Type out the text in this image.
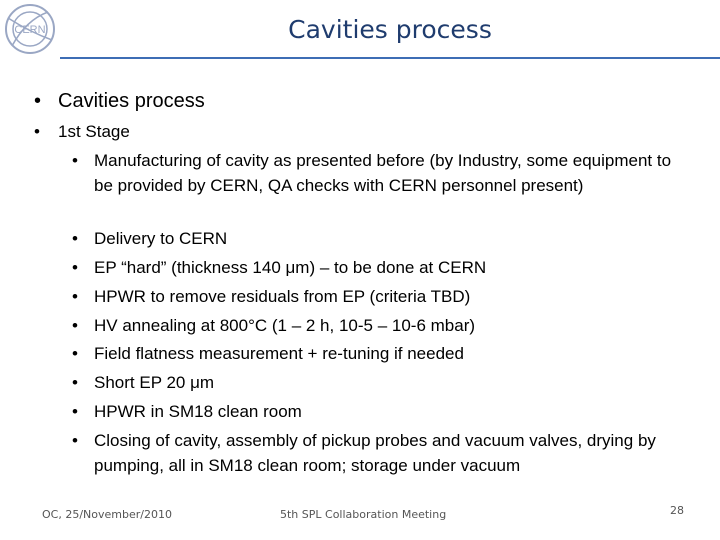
CERN	Cavities process
• Cavities process
• 1st Stage
• Manufacturing of cavity as presented before (by Industry, some equipment to be provided by CERN, QA checks with CERN personnel present)
• Delivery to CERN
• EP “hard” (thickness 140 μm) – to be done at CERN
• HPWR to remove residuals from EP (criteria TBD)
• HV annealing at 800°C (1 – 2 h, 10-5 – 10-6 mbar)
• Field flatness measurement + re-tuning if needed
• Short EP 20 μm
• HPWR in SM18 clean room
• Closing of cavity, assembly of pickup probes and vacuum valves, drying by pumping, all in SM18 clean room; storage under vacuum
OC, 25/November/2010	5th SPL Collaboration Meeting	28
